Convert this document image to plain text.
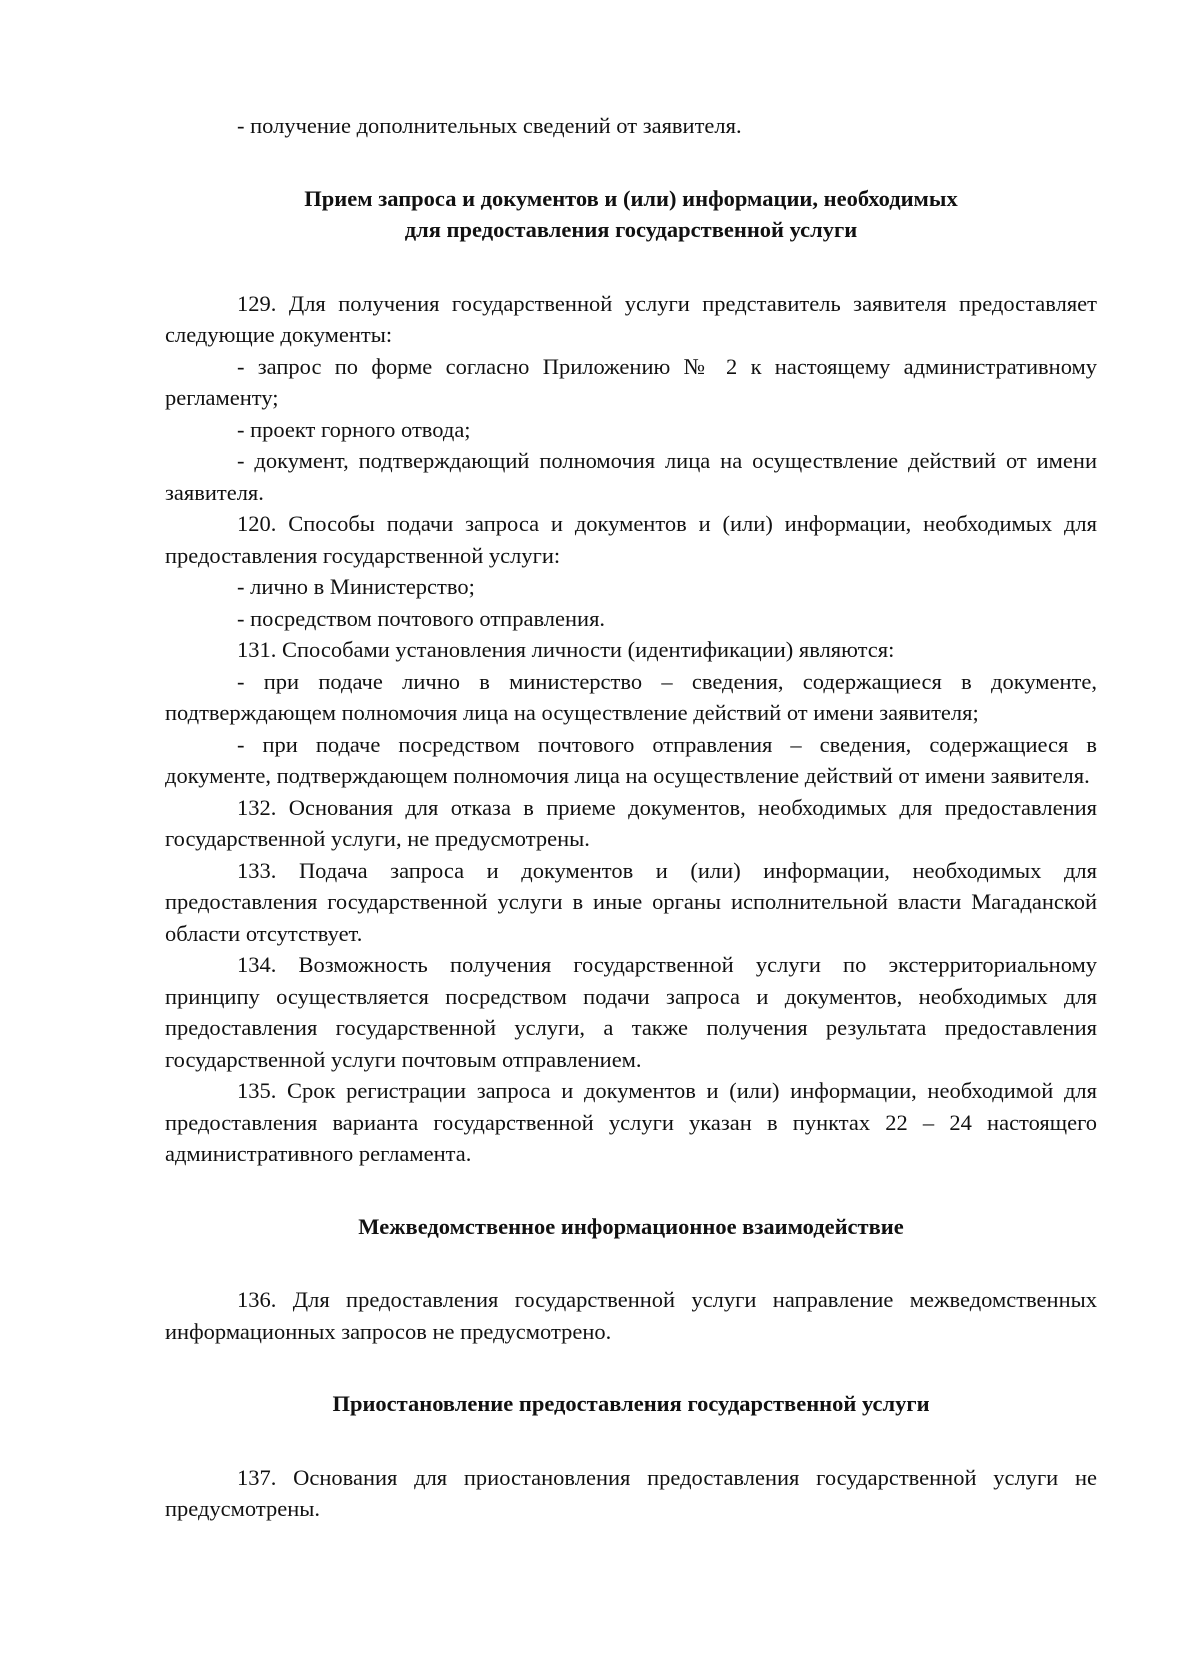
- получение дополнительных сведений от заявителя.

Прием запроса и документов и (или) информации, необходимых
для предоставления государственной услуги

129. Для получения государственной услуги представитель заявителя предоставляет следующие документы:

- запрос по форме согласно Приложению № 2 к настоящему административному регламенту;

- проект горного отвода;

- документ, подтверждающий полномочия лица на осуществление действий от имени заявителя.

120. Способы подачи запроса и документов и (или) информации, необходимых для предоставления государственной услуги:

- лично в Министерство;

- посредством почтового отправления.

131. Способами установления личности (идентификации) являются:

- при подаче лично в министерство – сведения, содержащиеся в документе, подтверждающем полномочия лица на осуществление действий от имени заявителя;

- при подаче посредством почтового отправления – сведения, содержащиеся в документе, подтверждающем полномочия лица на осуществление действий от имени заявителя.

132. Основания для отказа в приеме документов, необходимых для предоставления государственной услуги, не предусмотрены.

133. Подача запроса и документов и (или) информации, необходимых для предоставления государственной услуги в иные органы исполнительной власти Магаданской области отсутствует.

134. Возможность получения государственной услуги по экстерриториальному принципу осуществляется посредством подачи запроса и документов, необходимых для предоставления государственной услуги, а также получения результата предоставления государственной услуги почтовым отправлением.

135. Срок регистрации запроса и документов и (или) информации, необходимой для предоставления варианта государственной услуги указан в пунктах 22 – 24 настоящего административного регламента.

Межведомственное информационное взаимодействие

136. Для предоставления государственной услуги направление межведомственных информационных запросов не предусмотрено.

Приостановление предоставления государственной услуги

137. Основания для приостановления предоставления государственной услуги не предусмотрены.
